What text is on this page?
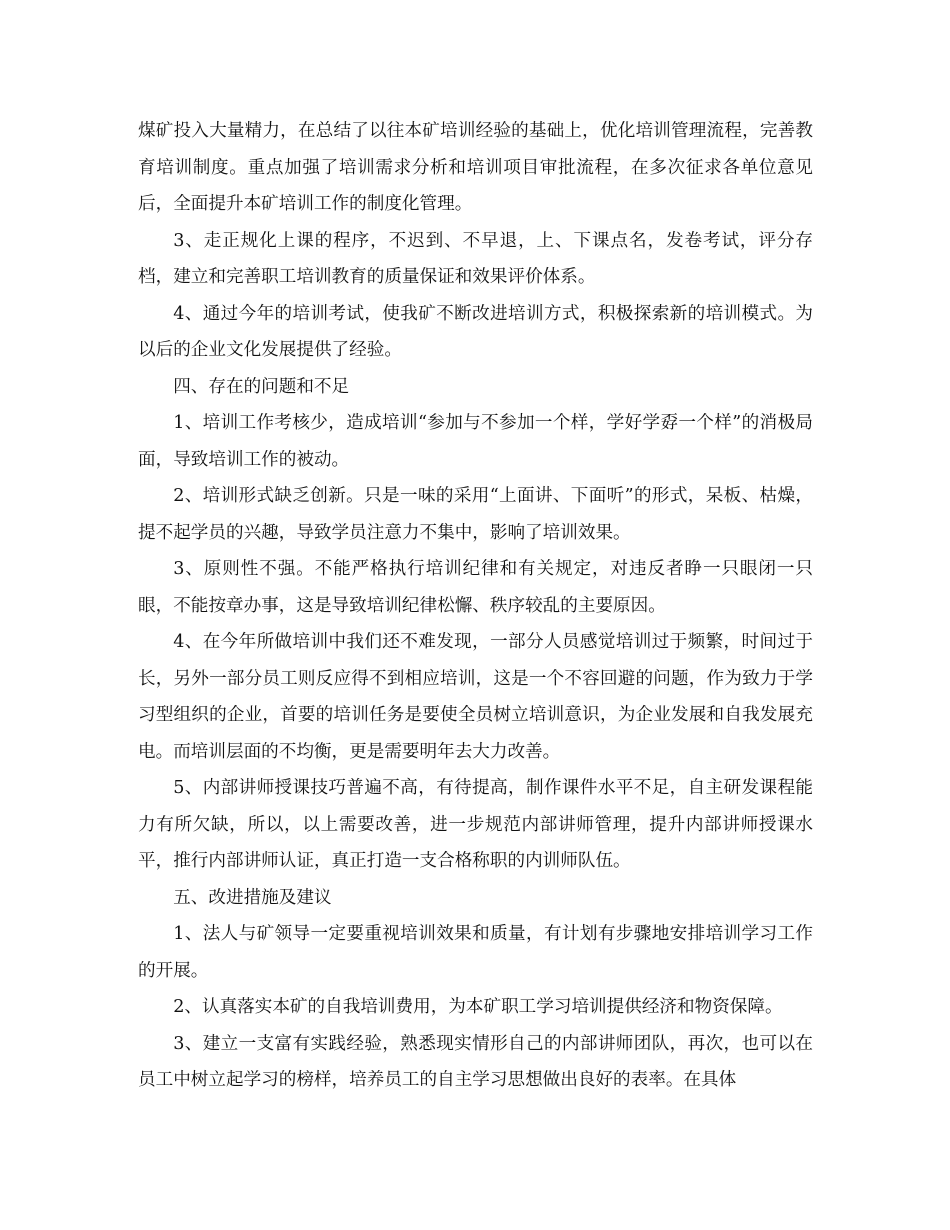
煤矿投入大量精力，在总结了以往本矿培训经验的基础上，优化培训管理流程，完善教育培训制度。重点加强了培训需求分析和培训项目审批流程，在多次征求各单位意见后，全面提升本矿培训工作的制度化管理。

3、走正规化上课的程序，不迟到、不早退，上、下课点名，发卷考试，评分存档，建立和完善职工培训教育的质量保证和效果评价体系。

4、通过今年的培训考试，使我矿不断改进培训方式，积极探索新的培训模式。为以后的企业文化发展提供了经验。

四、存在的问题和不足

1、培训工作考核少，造成培训“参加与不参加一个样，学好学孬一个样”的消极局面，导致培训工作的被动。

2、培训形式缺乏创新。只是一味的采用“上面讲、下面听”的形式，呆板、枯燥，提不起学员的兴趣，导致学员注意力不集中，影响了培训效果。

3、原则性不强。不能严格执行培训纪律和有关规定，对违反者睁一只眼闭一只眼，不能按章办事，这是导致培训纪律松懈、秩序较乱的主要原因。

4、在今年所做培训中我们还不难发现，一部分人员感觉培训过于频繁，时间过于长，另外一部分员工则反应得不到相应培训，这是一个不容回避的问题，作为致力于学习型组织的企业，首要的培训任务是要使全员树立培训意识，为企业发展和自我发展充电。而培训层面的不均衡，更是需要明年去大力改善。

5、内部讲师授课技巧普遍不高，有待提高，制作课件水平不足，自主研发课程能力有所欠缺，所以，以上需要改善，进一步规范内部讲师管理，提升内部讲师授课水平，推行内部讲师认证，真正打造一支合格称职的内训师队伍。

五、改进措施及建议

1、法人与矿领导一定要重视培训效果和质量，有计划有步骤地安排培训学习工作的开展。

2、认真落实本矿的自我培训费用，为本矿职工学习培训提供经济和物资保障。

3、建立一支富有实践经验，熟悉现实情形自己的内部讲师团队，再次，也可以在员工中树立起学习的榜样，培养员工的自主学习思想做出良好的表率。在具体
